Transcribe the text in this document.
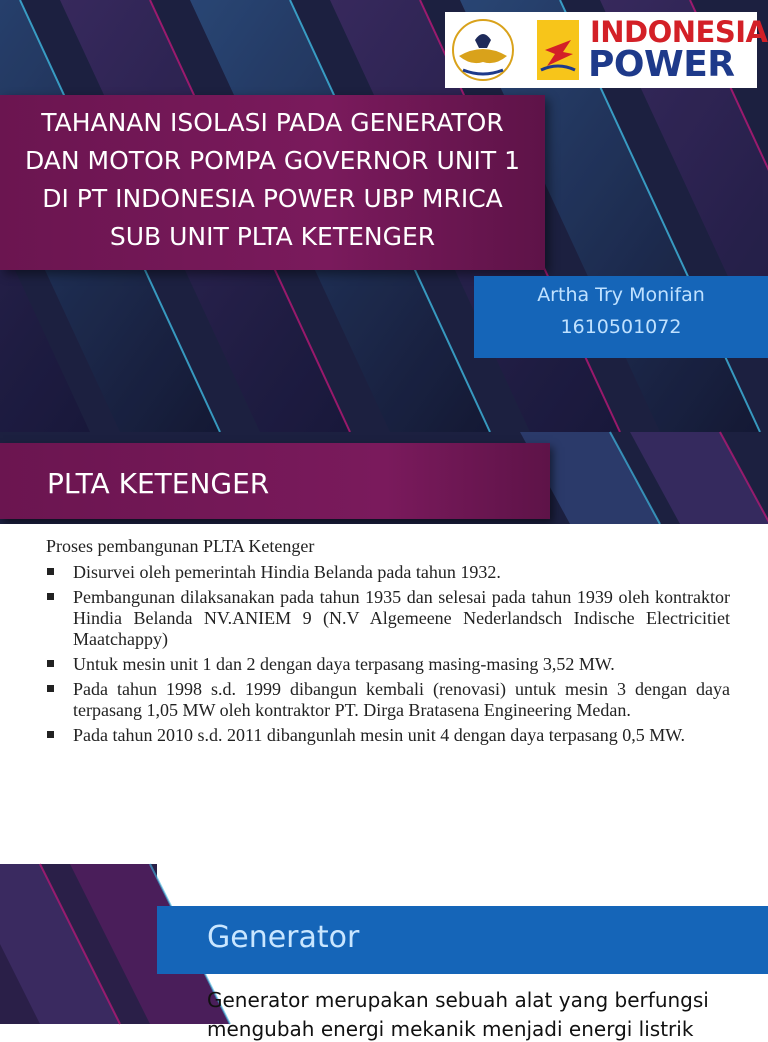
INDONESIA
POWER
TAHANAN ISOLASI PADA GENERATOR
DAN MOTOR POMPA GOVERNOR UNIT 1
DI PT INDONESIA POWER UBP MRICA
SUB UNIT PLTA KETENGER
Artha Try Monifan
1610501072
PLTA KETENGER
Proses pembangunan PLTA Ketenger
Disurvei oleh pemerintah Hindia Belanda pada tahun 1932.
Pembangunan dilaksanakan pada tahun 1935 dan selesai pada tahun 1939 oleh kontraktor Hindia Belanda NV.ANIEM 9 (N.V Algemeene Nederlandsch Indische Electricitiet Maatchappy)
Untuk mesin unit 1 dan 2 dengan daya terpasang masing-masing 3,52 MW.
Pada tahun 1998 s.d. 1999 dibangun kembali (renovasi) untuk mesin 3 dengan daya terpasang 1,05 MW oleh kontraktor PT. Dirga Bratasena Engineering Medan.
Pada tahun 2010 s.d. 2011 dibangunlah mesin unit 4 dengan daya terpasang 0,5 MW.
Generator
Generator merupakan sebuah alat yang berfungsi
mengubah energi mekanik menjadi energi listrik
